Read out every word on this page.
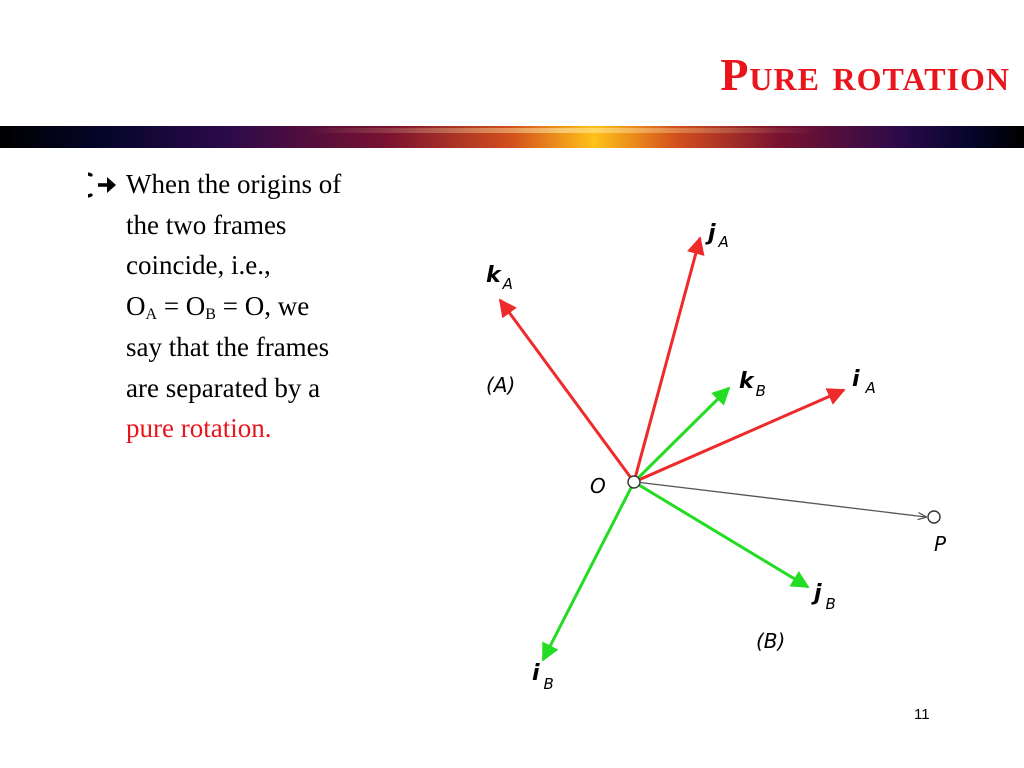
Pure rotation
When the origins of
the two frames
coincide, i.e.,
$O_A = O_B = O$, we
say that the frames
are separated by a
pure rotation.
j $_A$
k $_A$
i $_A$
k $_B$
j $_B$
i $_B$
O
P
(A)
(B)
11
